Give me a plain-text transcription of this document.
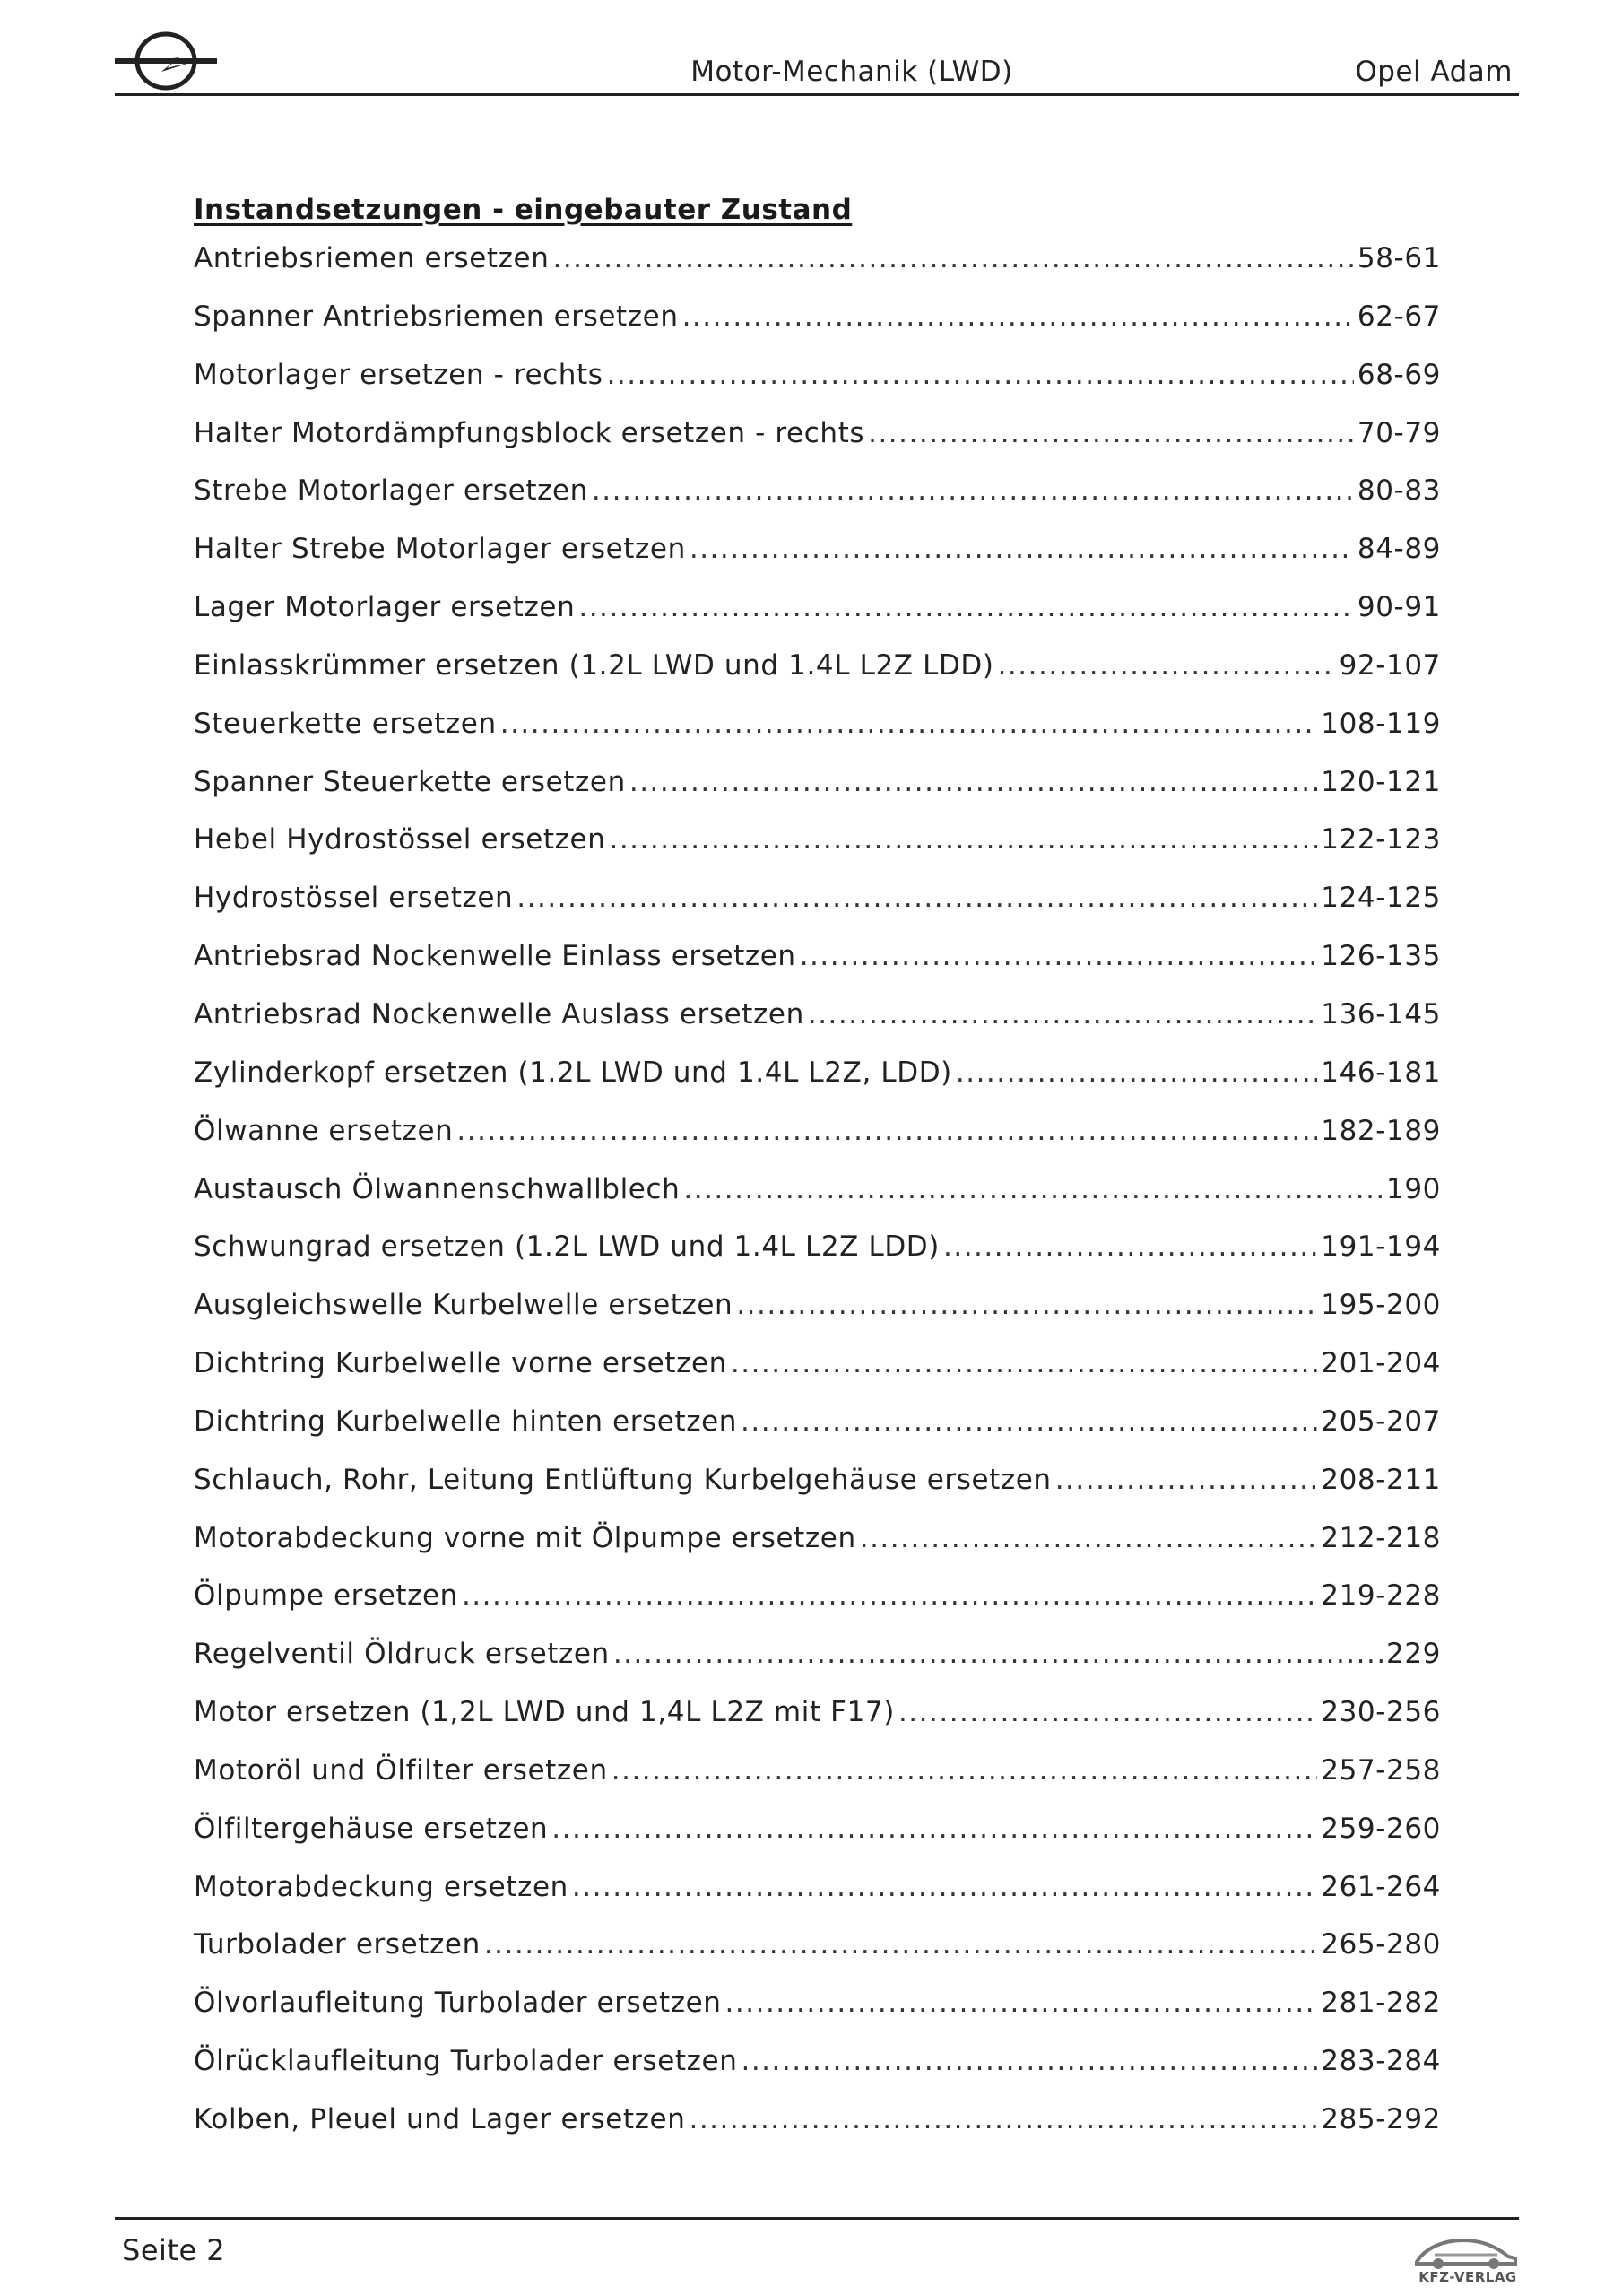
Motor-Mechanik (LWD)	Opel Adam
Instandsetzungen - eingebauter Zustand
Antriebsriemen ersetzen .....	58-61
Spanner Antriebsriemen ersetzen .....	62-67
Motorlager ersetzen - rechts .....	68-69
Halter Motordämpfungsblock ersetzen - rechts .....	70-79
Strebe Motorlager ersetzen .....	80-83
Halter Strebe Motorlager ersetzen .....	84-89
Lager Motorlager ersetzen .....	90-91
Einlasskrümmer ersetzen (1.2L LWD und 1.4L L2Z LDD) .....	92-107
Steuerkette ersetzen .....	108-119
Spanner Steuerkette ersetzen .....	120-121
Hebel Hydrostössel ersetzen .....	122-123
Hydrostössel ersetzen .....	124-125
Antriebsrad Nockenwelle Einlass ersetzen .....	126-135
Antriebsrad Nockenwelle Auslass ersetzen .....	136-145
Zylinderkopf ersetzen (1.2L LWD und 1.4L L2Z, LDD) .....	146-181
Ölwanne ersetzen .....	182-189
Austausch Ölwannenschwallblech .....	190
Schwungrad ersetzen (1.2L LWD und 1.4L L2Z LDD) .....	191-194
Ausgleichswelle Kurbelwelle ersetzen .....	195-200
Dichtring Kurbelwelle vorne ersetzen .....	201-204
Dichtring Kurbelwelle hinten ersetzen .....	205-207
Schlauch, Rohr, Leitung Entlüftung Kurbelgehäuse ersetzen .....	208-211
Motorabdeckung vorne mit Ölpumpe ersetzen .....	212-218
Ölpumpe ersetzen .....	219-228
Regelventil Öldruck ersetzen .....	229
Motor ersetzen (1,2L LWD und 1,4L L2Z mit F17) .....	230-256
Motoröl und Ölfilter ersetzen .....	257-258
Ölfiltergehäuse ersetzen .....	259-260
Motorabdeckung ersetzen .....	261-264
Turbolader ersetzen .....	265-280
Ölvorlaufleitung Turbolader ersetzen .....	281-282
Ölrücklaufleitung Turbolader ersetzen .....	283-284
Kolben, Pleuel und Lager ersetzen .....	285-292
Seite 2
KFZ-VERLAG
